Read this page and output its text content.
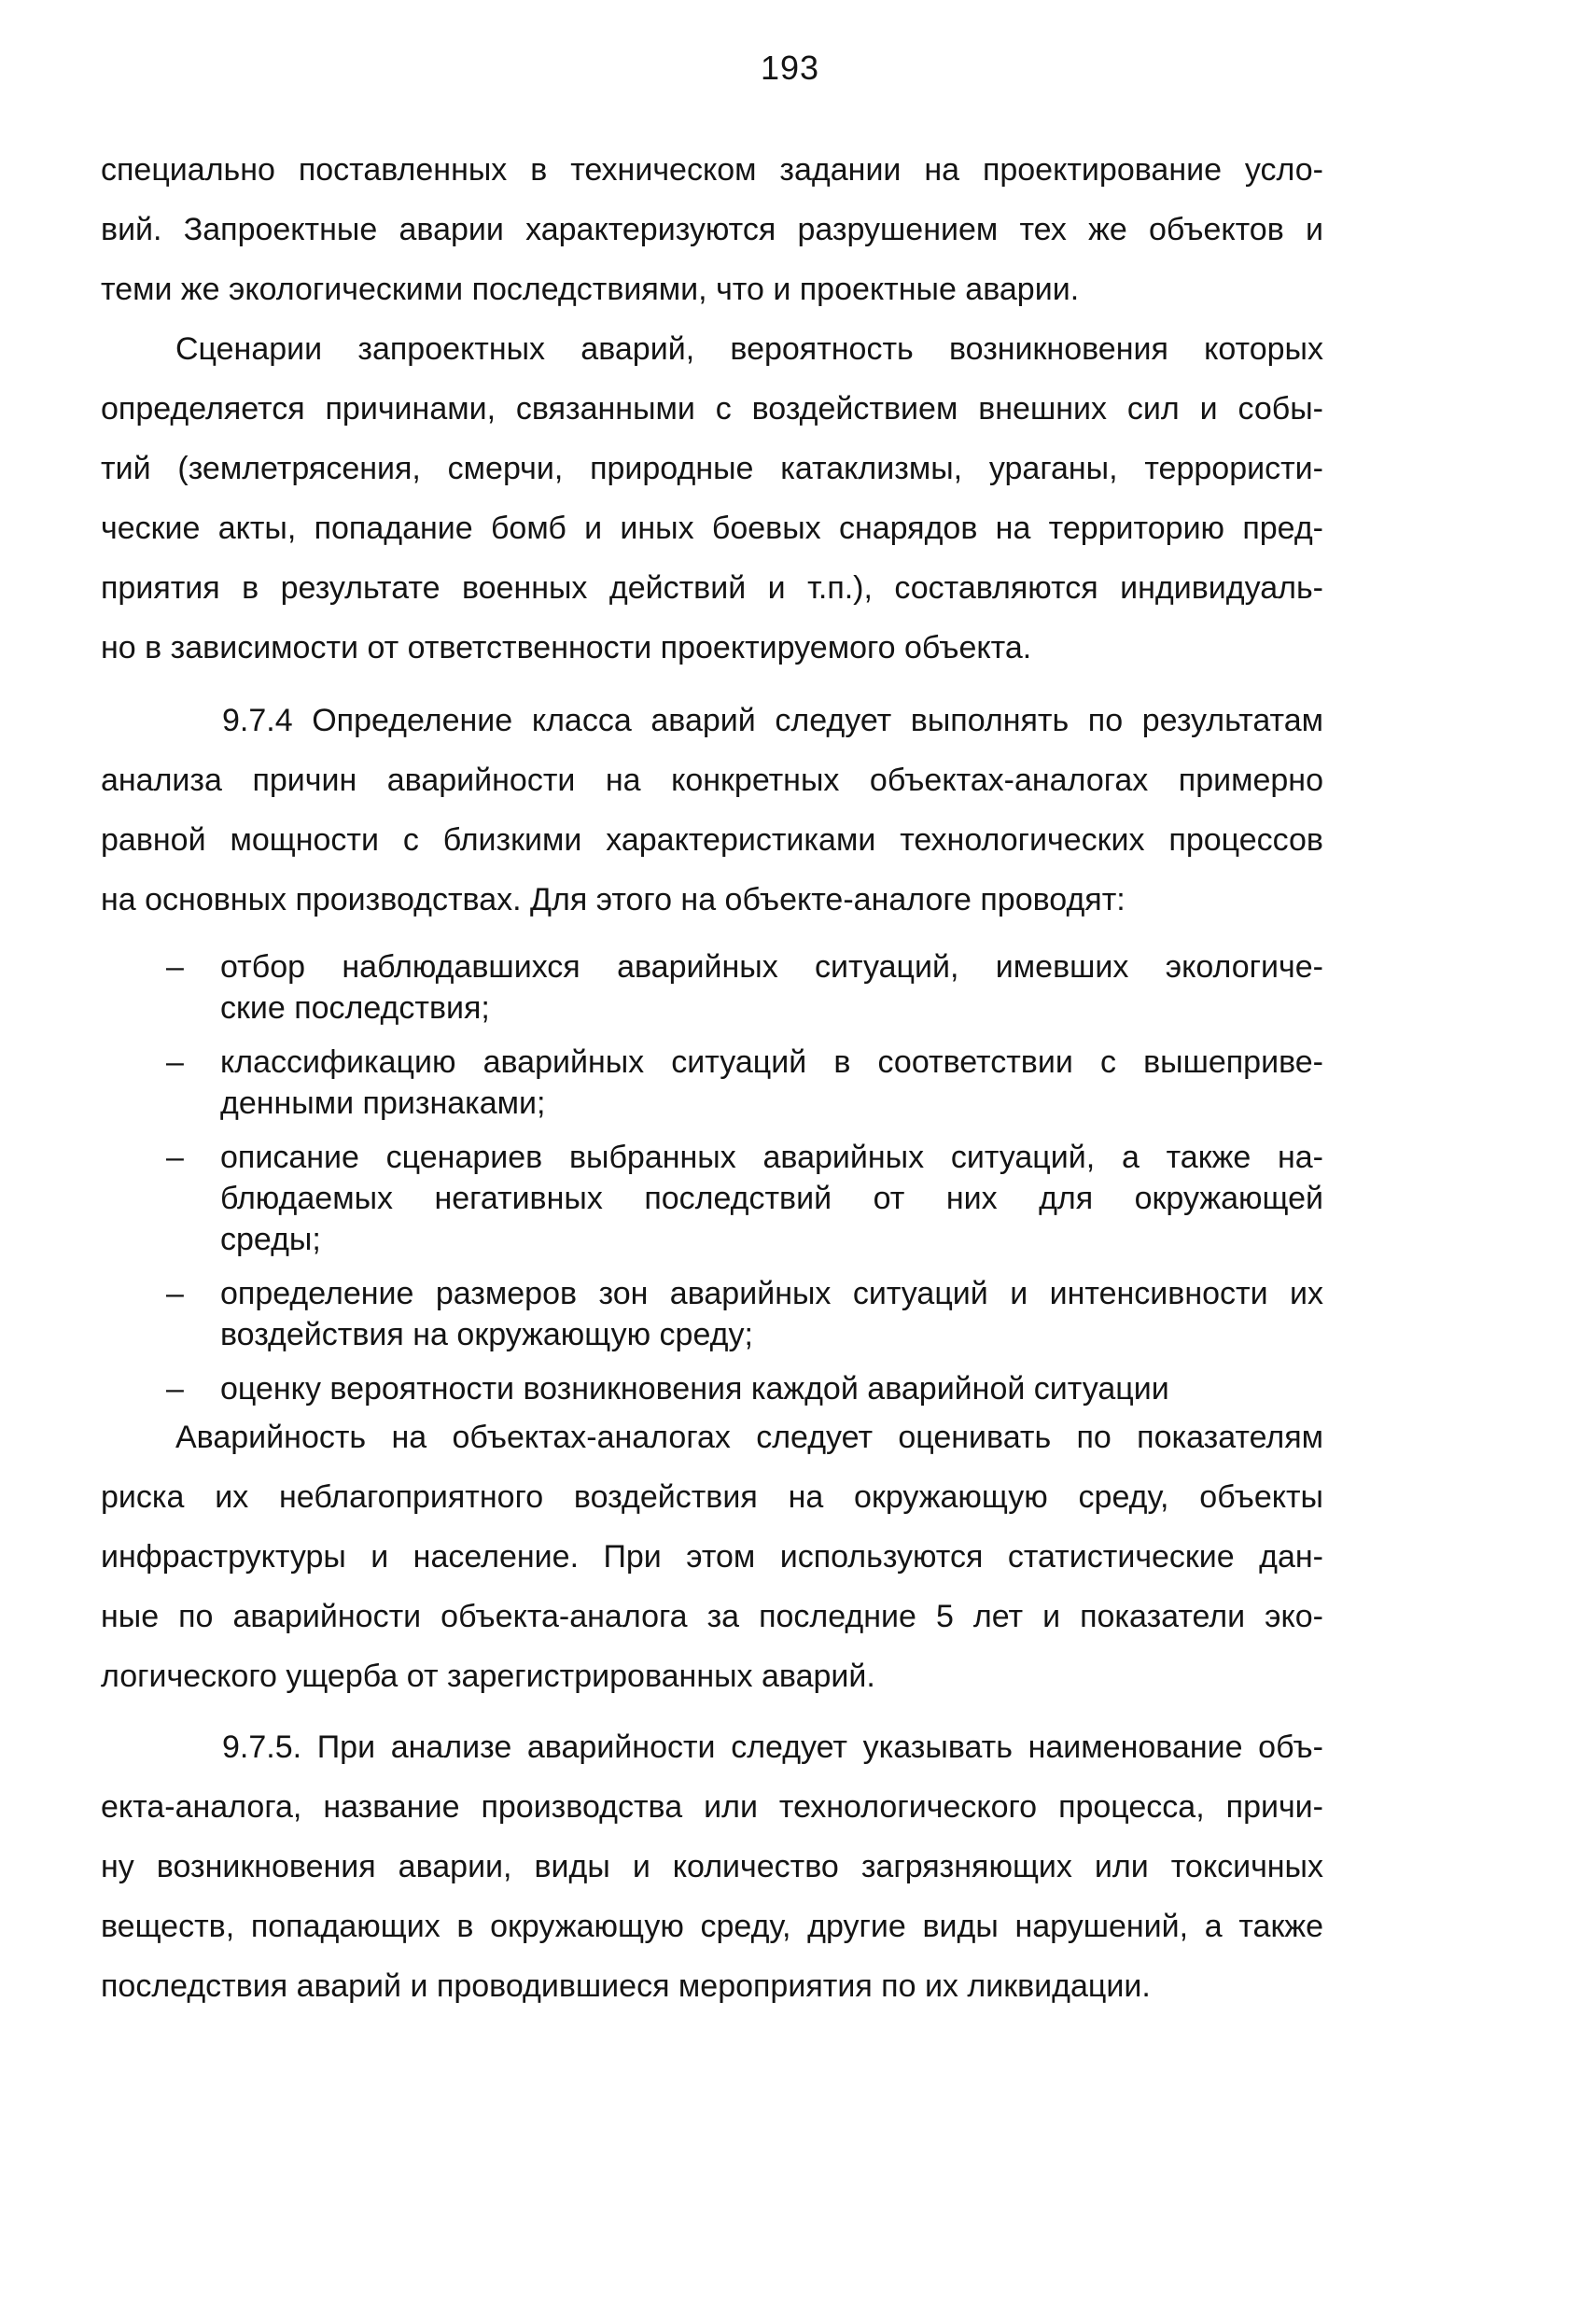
193
специально поставленных в техническом задании на проектирование усло-
вий. Запроектные аварии характеризуются разрушением тех же объектов и
теми же экологическими последствиями, что и проектные аварии.
Сценарии запроектных аварий, вероятность возникновения которых
определяется причинами, связанными с воздействием внешних сил и собы-
тий (землетрясения, смерчи, природные катаклизмы, ураганы, террористи-
ческие акты, попадание бомб и иных боевых снарядов на территорию пред-
приятия в результате военных действий и т.п.), составляются индивидуаль-
но в зависимости от ответственности проектируемого объекта.
9.7.4 Определение класса аварий следует выполнять по результатам
анализа причин аварийности на конкретных объектах-аналогах примерно
равной мощности с близкими характеристиками технологических процессов
на основных производствах. Для этого на объекте-аналоге проводят:
– отбор наблюдавшихся аварийных ситуаций, имевших экологиче-
ские последствия;
– классификацию аварийных ситуаций в соответствии с вышеприве-
денными признаками;
– описание сценариев выбранных аварийных ситуаций, а также на-
блюдаемых негативных последствий от них для окружающей
среды;
– определение размеров зон аварийных ситуаций и интенсивности их
воздействия на окружающую среду;
– оценку вероятности возникновения каждой аварийной ситуации
Аварийность на объектах-аналогах следует оценивать по показателям
риска их неблагоприятного воздействия на окружающую среду, объекты
инфраструктуры и население. При этом используются статистические дан-
ные по аварийности объекта-аналога за последние 5 лет и показатели эко-
логического ущерба от зарегистрированных аварий.
9.7.5. При анализе аварийности следует указывать наименование объ-
екта-аналога, название производства или технологического процесса, причи-
ну возникновения аварии, виды и количество загрязняющих или токсичных
веществ, попадающих в окружающую среду, другие виды нарушений, а также
последствия аварий и проводившиеся мероприятия по их ликвидации.
